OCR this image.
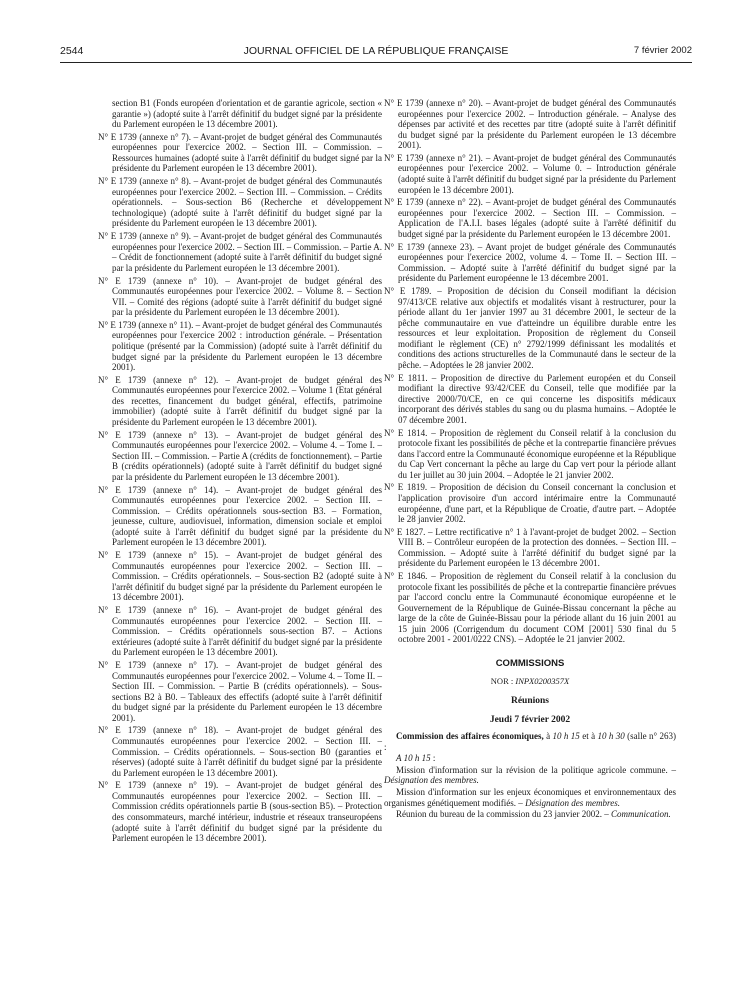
2544	JOURNAL OFFICIEL DE LA RÉPUBLIQUE FRANÇAISE	7 février 2002

section B1 (Fonds européen d'orientation et de garantie agricole, section « garantie ») (adopté suite à l'arrêt définitif du budget signé par la présidente du Parlement européen le 13 décembre 2001).

N° E 1739 (annexe n° 7). – Avant-projet de budget général des Communautés européennes pour l'exercice 2002. – Section III. – Commission. – Ressources humaines (adopté suite à l'arrêt définitif du budget signé par la présidente du Parlement européen le 13 décembre 2001).

N° E 1739 (annexe n° 8). – Avant-projet de budget général des Communautés européennes pour l'exercice 2002. – Section III. – Commission. – Crédits opérationnels. – Sous-section B6 (Recherche et développement technologique) (adopté suite à l'arrêt définitif du budget signé par la présidente du Parlement européen le 13 décembre 2001).

N° E 1739 (annexe n° 9). – Avant-projet de budget général des Communautés européennes pour l'exercice 2002. – Section III. – Commission. – Partie A. – Crédit de fonctionnement (adopté suite à l'arrêt définitif du budget signé par la présidente du Parlement européen le 13 décembre 2001).

N° E 1739 (annexe n° 10). – Avant-projet de budget général des Communautés européennes pour l'exercice 2002. – Volume 8. – Section VII. – Comité des régions (adopté suite à l'arrêt définitif du budget signé par la présidente du Parlement européen le 13 décembre 2001).

N° E 1739 (annexe n° 11). – Avant-projet de budget général des Communautés européennes pour l'exercice 2002 : introduction générale. – Présentation politique (présenté par la Commission) (adopté suite à l'arrêt définitif du budget signé par la présidente du Parlement européen le 13 décembre 2001).

N° E 1739 (annexe n° 12). – Avant-projet de budget général des Communautés européennes pour l'exercice 2002. – Volume 1 (Etat général des recettes, financement du budget général, effectifs, patrimoine immobilier) (adopté suite à l'arrêt définitif du budget signé par la présidente du Parlement européen le 13 décembre 2001).

N° E 1739 (annexe n° 13). – Avant-projet de budget général des Communautés européennes pour l'exercice 2002. – Volume 4. – Tome I. – Section III. – Commission. – Partie A (crédits de fonctionnement). – Partie B (crédits opérationnels) (adopté suite à l'arrêt définitif du budget signé par la présidente du Parlement européen le 13 décembre 2001).

N° E 1739 (annexe n° 14). – Avant-projet de budget général des Communautés européennes pour l'exercice 2002. – Section III. – Commission. – Crédits opérationnels sous-section B3. – Formation, jeunesse, culture, audiovisuel, information, dimension sociale et emploi (adopté suite à l'arrêt définitif du budget signé par la présidente du Parlement européen le 13 décembre 2001).

N° E 1739 (annexe n° 15). – Avant-projet de budget général des Communautés européennes pour l'exercice 2002. – Section III. – Commission. – Crédits opérationnels. – Sous-section B2 (adopté suite à l'arrêt définitif du budget signé par la présidente du Parlement européen le 13 décembre 2001).

N° E 1739 (annexe n° 16). – Avant-projet de budget général des Communautés européennes pour l'exercice 2002. – Section III. – Commission. – Crédits opérationnels sous-section B7. – Actions extérieures (adopté suite à l'arrêt définitif du budget signé par la présidente du Parlement européen le 13 décembre 2001).

N° E 1739 (annexe n° 17). – Avant-projet de budget général des Communautés européennes pour l'exercice 2002. – Volume 4. – Tome II. – Section III. – Commission. – Partie B (crédits opérationnels). – Sous-sections B2 à B0. – Tableaux des effectifs (adopté suite à l'arrêt définitif du budget signé par la présidente du Parlement européen le 13 décembre 2001).

N° E 1739 (annexe n° 18). – Avant-projet de budget général des Communautés européennes pour l'exercice 2002. – Section III. – Commission. – Crédits opérationnels. – Sous-section B0 (garanties et réserves) (adopté suite à l'arrêt définitif du budget signé par la présidente du Parlement européen le 13 décembre 2001).

N° E 1739 (annexe n° 19). – Avant-projet de budget général des Communautés européennes pour l'exercice 2002. – Section III. – Commission crédits opérationnels partie B (sous-section B5). – Protection des consommateurs, marché intérieur, industrie et réseaux transeuropéens (adopté suite à l'arrêt définitif du budget signé par la présidente du Parlement européen le 13 décembre 2001).

N° E 1739 (annexe n° 20). – Avant-projet de budget général des Communautés européennes pour l'exercice 2002. – Introduction générale. – Analyse des dépenses par activité et des recettes par titre (adopté suite à l'arrêt définitif du budget signé par la présidente du Parlement européen le 13 décembre 2001).

N° E 1739 (annexe n° 21). – Avant-projet de budget général des Communautés européennes pour l'exercice 2002. – Volume 0. – Introduction générale (adopté suite à l'arrêt définitif du budget signé par la présidente du Parlement européen le 13 décembre 2001).

N° E 1739 (annexe n° 22). – Avant-projet de budget général des Communautés européennes pour l'exercice 2002. – Section III. – Commission. – Application de l'A.I.I. bases légales (adopté suite à l'arrêté définitif du budget signé par la présidente du Parlement européen le 13 décembre 2001.

N° E 1739 (annexe 23). – Avant projet de budget générale des Communautés européennes pour l'exercice 2002, volume 4. – Tome II. – Section III. – Commission. – Adopté suite à l'arrêté définitif du budget signé par la présidente du Parlement européenne le 13 décembre 2001.

N° E 1789. – Proposition de décision du Conseil modifiant la décision 97/413/CE relative aux objectifs et modalités visant à restructurer, pour la période allant du 1er janvier 1997 au 31 décembre 2001, le secteur de la pêche communautaire en vue d'atteindre un équilibre durable entre les ressources et leur exploitation. Proposition de règlement du Conseil modifiant le règlement (CE) n° 2792/1999 définissant les modalités et conditions des actions structurelles de la Communauté dans le secteur de la pêche. – Adoptées le 28 janvier 2002.

N° E 1811. – Proposition de directive du Parlement européen et du Conseil modifiant la directive 93/42/CEE du Conseil, telle que modifiée par la directive 2000/70/CE, en ce qui concerne les dispositifs médicaux incorporant des dérivés stables du sang ou du plasma humains. – Adoptée le 07 décembre 2001.

N° E 1814. – Proposition de règlement du Conseil relatif à la conclusion du protocole fixant les possibilités de pêche et la contrepartie financière prévues dans l'accord entre la Communauté économique européenne et la République du Cap Vert concernant la pêche au large du Cap vert pour la période allant du 1er juillet au 30 juin 2004. – Adoptée le 21 janvier 2002.

N° E 1819. – Proposition de décision du Conseil concernant la conclusion et l'application provisoire d'un accord intérimaire entre la Communauté européenne, d'une part, et la République de Croatie, d'autre part. – Adoptée le 28 janvier 2002.

N° E 1827. – Lettre rectificative n° 1 à l'avant-projet de budget 2002. – Section VIII B. – Contrôleur européen de la protection des données. – Section III. – Commission. – Adopté suite à l'arrêté définitif du budget signé par la présidente du Parlement européen le 13 décembre 2001.

N° E 1846. – Proposition de règlement du Conseil relatif à la conclusion du protocole fixant les possibilités de pêche et la contrepartie financière prévues par l'accord conclu entre la Communauté économique européenne et le Gouvernement de la République de Guinée-Bissau concernant la pêche au large de la côte de Guinée-Bissau pour la période allant du 16 juin 2001 au 15 juin 2006 (Corrigendum du document COM [2001] 530 final du 5 octobre 2001 - 2001/0222 CNS). – Adoptée le 21 janvier 2002.

COMMISSIONS
NOR : INPX0200357X
Réunions
Jeudi 7 février 2002

Commission des affaires économiques, à 10 h 15 et à 10 h 30 (salle n° 263) :

A 10 h 15 :

Mission d'information sur la révision de la politique agricole commune. – Désignation des membres.

Mission d'information sur les enjeux économiques et environnementaux des organismes génétiquement modifiés. – Désignation des membres.

Réunion du bureau de la commission du 23 janvier 2002. – Communication.
